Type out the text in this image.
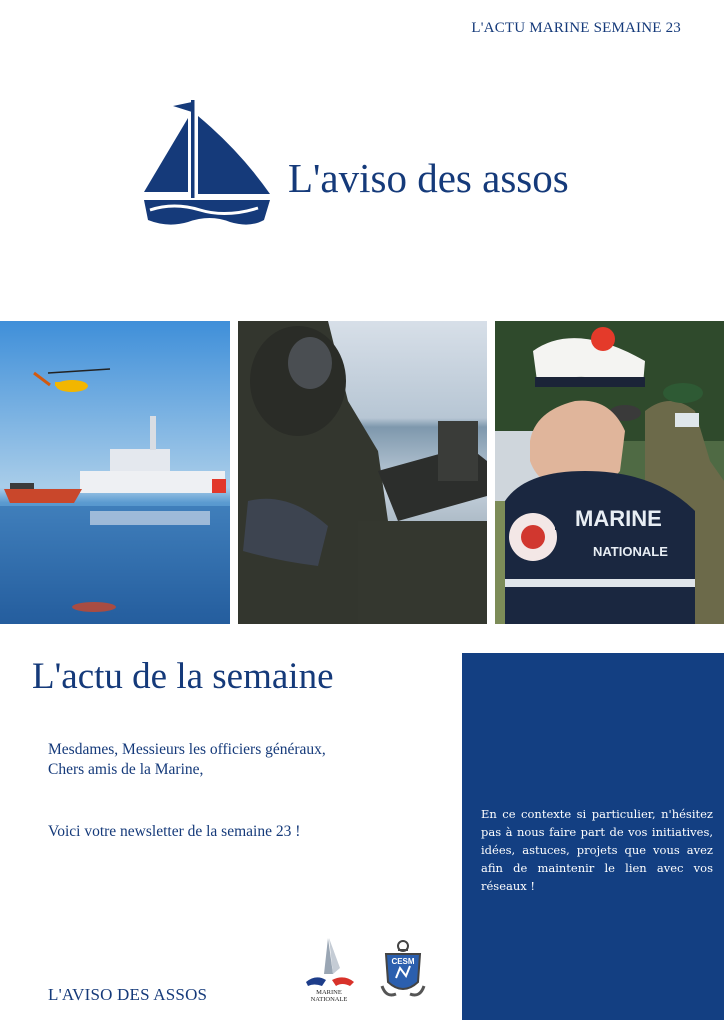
L'ACTU MARINE SEMAINE 23
L'aviso des assos
MARINE
NATIONALE
L'actu de la semaine
Mesdames, Messieurs les officiers généraux,
Chers amis de la Marine,
Voici votre newsletter de la semaine 23 !
L'AVISO DES ASSOS	MARINE
NATIONALE
CESM
En ce contexte si particulier, n'hésitez pas à nous faire part de vos initiatives, idées, astuces, projets que vous avez afin de maintenir le lien avec vos réseaux !
